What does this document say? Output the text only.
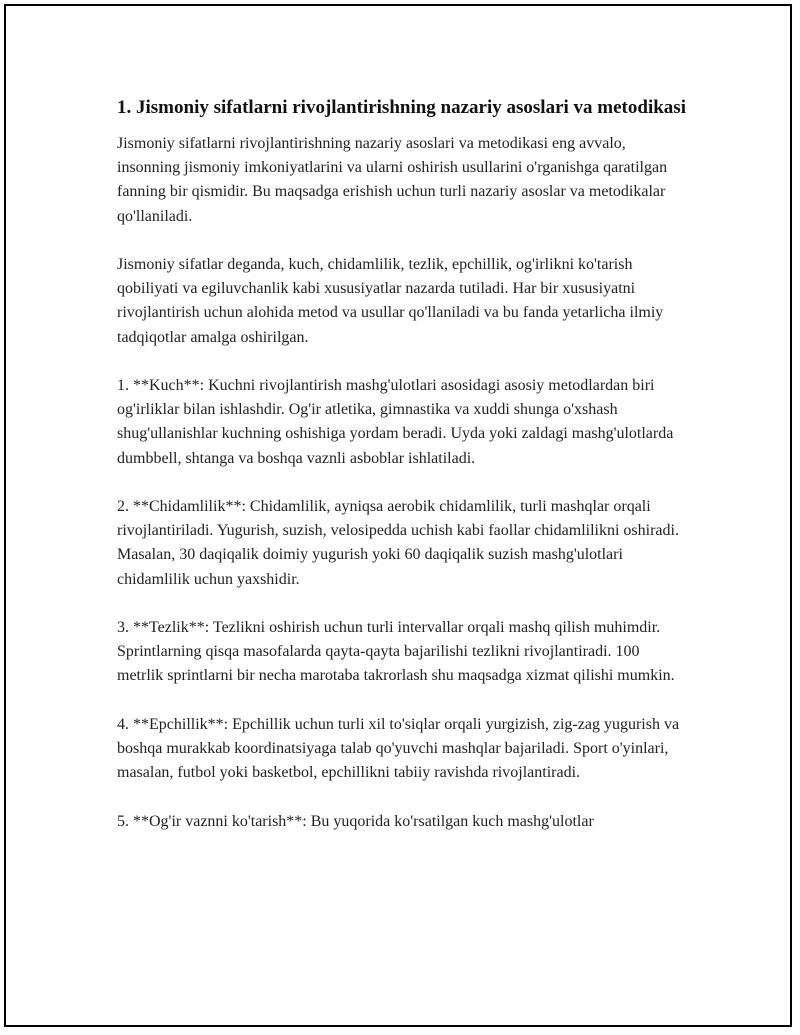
1. Jismoniy sifatlarni rivojlantirishning nazariy asoslari va metodikasi

Jismoniy sifatlarni rivojlantirishning nazariy asoslari va metodikasi eng avvalo, insonning jismoniy imkoniyatlarini va ularni oshirish usullarini o'rganishga qaratilgan fanning bir qismidir. Bu maqsadga erishish uchun turli nazariy asoslar va metodikalar qo'llaniladi.

Jismoniy sifatlar deganda, kuch, chidamlilik, tezlik, epchillik, og'irlikni ko'tarish qobiliyati va egiluvchanlik kabi xususiyatlar nazarda tutiladi. Har bir xususiyatni rivojlantirish uchun alohida metod va usullar qo'llaniladi va bu fanda yetarlicha ilmiy tadqiqotlar amalga oshirilgan.

1. **Kuch**: Kuchni rivojlantirish mashg'ulotlari asosidagi asosiy metodlardan biri og'irliklar bilan ishlashdir. Og'ir atletika, gimnastika va xuddi shunga o'xshash shug'ullanishlar kuchning oshishiga yordam beradi. Uyda yoki zaldagi mashg'ulotlarda dumbbell, shtanga va boshqa vaznli asboblar ishlatiladi.

2. **Chidamlilik**: Chidamlilik, ayniqsa aerobik chidamlilik, turli mashqlar orqali rivojlantiriladi. Yugurish, suzish, velosipedda uchish kabi faollar chidamlilikni oshiradi. Masalan, 30 daqiqalik doimiy yugurish yoki 60 daqiqalik suzish mashg'ulotlari chidamlilik uchun yaxshidir.

3. **Tezlik**: Tezlikni oshirish uchun turli intervallar orqali mashq qilish muhimdir. Sprintlarning qisqa masofalarda qayta-qayta bajarilishi tezlikni rivojlantiradi. 100 metrlik sprintlarni bir necha marotaba takrorlash shu maqsadga xizmat qilishi mumkin.

4. **Epchillik**: Epchillik uchun turli xil to'siqlar orqali yurgizish, zig-zag yugurish va boshqa murakkab koordinatsiyaga talab qo'yuvchi mashqlar bajariladi. Sport o'yinlari, masalan, futbol yoki basketbol, epchillikni tabiiy ravishda rivojlantiradi.

5. **Og'ir vaznni ko'tarish**: Bu yuqorida ko'rsatilgan kuch mashg'ulotlar
